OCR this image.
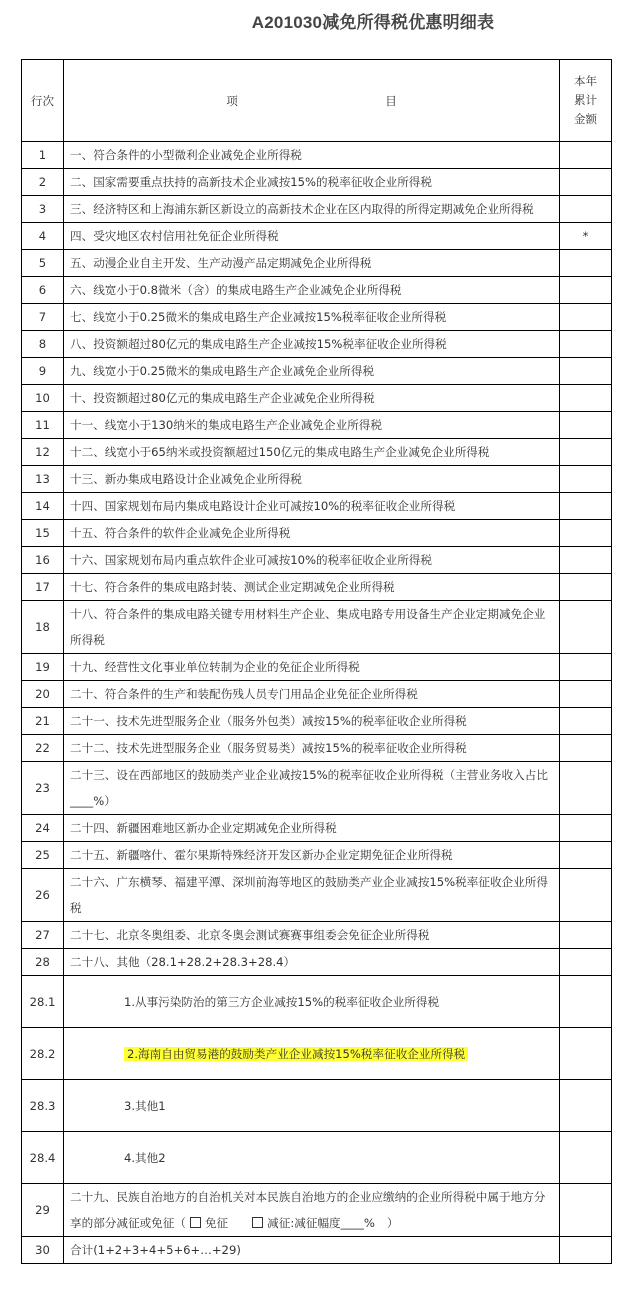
A201030减免所得税优惠明细表
行次	项 目	本年
累计
金额

1	一、符合条件的小型微利企业减免企业所得税	
2	二、国家需要重点扶持的高新技术企业减按15%的税率征收企业所得税	
3	三、经济特区和上海浦东新区新设立的高新技术企业在区内取得的所得定期减免企业所得税	
4	四、受灾地区农村信用社免征企业所得税	*
5	五、动漫企业自主开发、生产动漫产品定期减免企业所得税	
6	六、线宽小于0.8微米（含）的集成电路生产企业减免企业所得税	
7	七、线宽小于0.25微米的集成电路生产企业减按15%税率征收企业所得税	
8	八、投资额超过80亿元的集成电路生产企业减按15%税率征收企业所得税	
9	九、线宽小于0.25微米的集成电路生产企业减免企业所得税	
10	十、投资额超过80亿元的集成电路生产企业减免企业所得税	
11	十一、线宽小于130纳米的集成电路生产企业减免企业所得税	
12	十二、线宽小于65纳米或投资额超过150亿元的集成电路生产企业减免企业所得税	
13	十三、新办集成电路设计企业减免企业所得税	
14	十四、国家规划布局内集成电路设计企业可减按10%的税率征收企业所得税	
15	十五、符合条件的软件企业减免企业所得税	
16	十六、国家规划布局内重点软件企业可减按10%的税率征收企业所得税	
17	十七、符合条件的集成电路封装、测试企业定期减免企业所得税	
18	十八、符合条件的集成电路关键专用材料生产企业、集成电路专用设备生产企业定期减免企业所得税	
19	十九、经营性文化事业单位转制为企业的免征企业所得税	
20	二十、符合条件的生产和装配伤残人员专门用品企业免征企业所得税	
21	二十一、技术先进型服务企业（服务外包类）减按15%的税率征收企业所得税	
22	二十二、技术先进型服务企业（服务贸易类）减按15%的税率征收企业所得税	
23	二十三、设在西部地区的鼓励类产业企业减按15%的税率征收企业所得税（主营业务收入占比____%）	
24	二十四、新疆困难地区新办企业定期减免企业所得税	
25	二十五、新疆喀什、霍尔果斯特殊经济开发区新办企业定期免征企业所得税	
26	二十六、广东横琴、福建平潭、深圳前海等地区的鼓励类产业企业减按15%税率征收企业所得税	
27	二十七、北京冬奥组委、北京冬奥会测试赛赛事组委会免征企业所得税	
28	二十八、其他（28.1+28.2+28.3+28.4）	
28.1	1.从事污染防治的第三方企业减按15%的税率征收企业所得税	
28.2	2.海南自由贸易港的鼓励类产业企业减按15%税率征收企业所得税	
28.3	3.其他1	
28.4	4.其他2	
29	二十九、民族自治地方的自治机关对本民族自治地方的企业应缴纳的企业所得税中属于地方分享的部分减征或免征（ 免征 减征:减征幅度____% ）	
30	合计(1+2+3+4+5+6+…+29)	
